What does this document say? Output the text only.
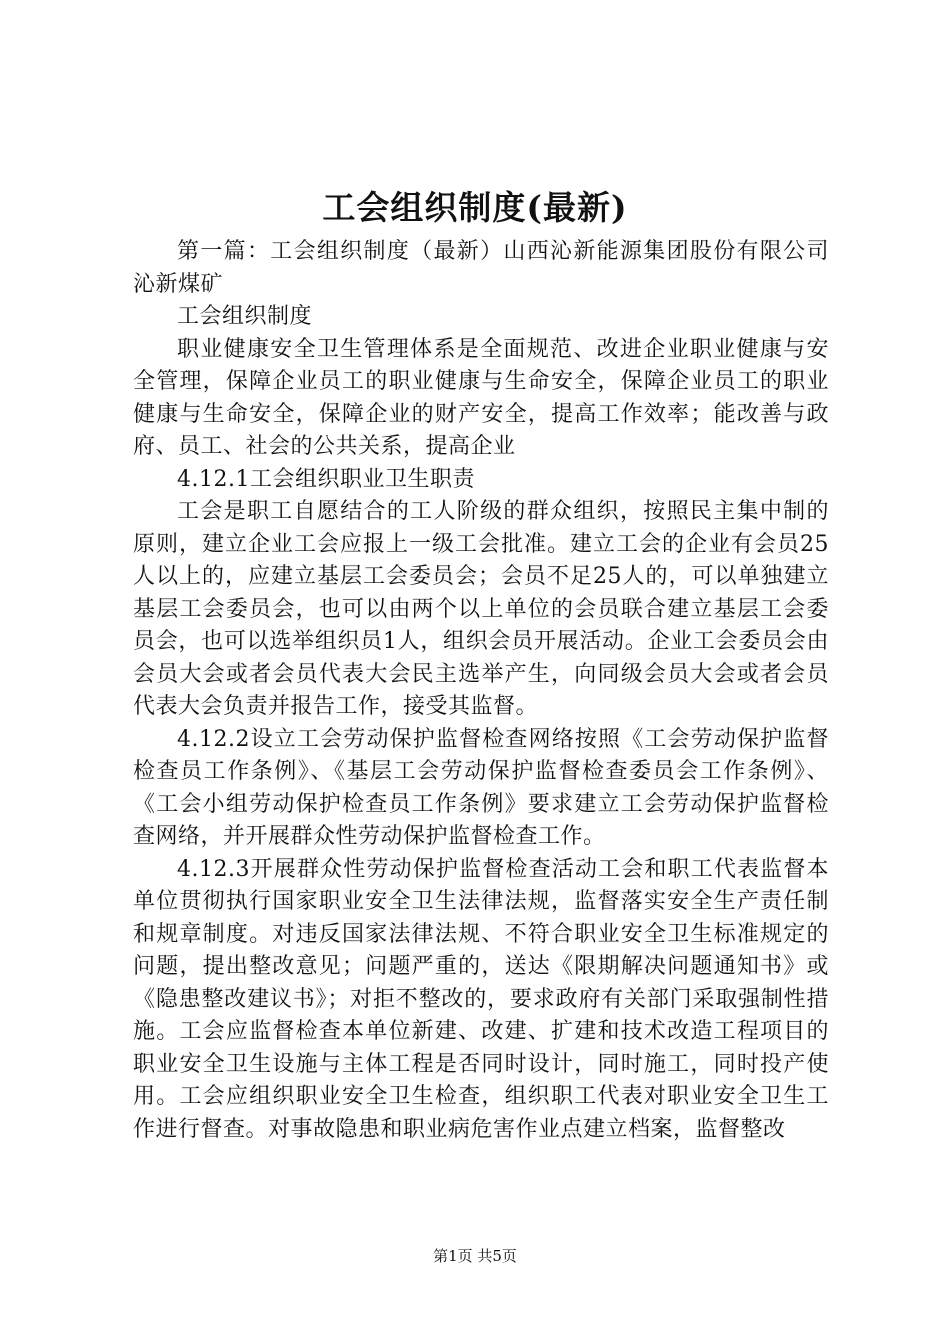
工会组织制度(最新)

第一篇：工会组织制度（最新）山西沁新能源集团股份有限公司沁新煤矿

工会组织制度

职业健康安全卫生管理体系是全面规范、改进企业职业健康与安全管理，保障企业员工的职业健康与生命安全，保障企业员工的职业健康与生命安全，保障企业的财产安全，提高工作效率；能改善与政府、员工、社会的公共关系，提高企业

4.12.1工会组织职业卫生职责

工会是职工自愿结合的工人阶级的群众组织，按照民主集中制的原则，建立企业工会应报上一级工会批准。建立工会的企业有会员25人以上的，应建立基层工会委员会；会员不足25人的，可以单独建立基层工会委员会，也可以由两个以上单位的会员联合建立基层工会委员会，也可以选举组织员1人，组织会员开展活动。企业工会委员会由会员大会或者会员代表大会民主选举产生，向同级会员大会或者会员代表大会负责并报告工作，接受其监督。

4.12.2设立工会劳动保护监督检查网络按照《工会劳动保护监督检查员工作条例》、《基层工会劳动保护监督检查委员会工作条例》、《工会小组劳动保护检查员工作条例》要求建立工会劳动保护监督检查网络，并开展群众性劳动保护监督检查工作。

4.12.3开展群众性劳动保护监督检查活动工会和职工代表监督本单位贯彻执行国家职业安全卫生法律法规，监督落实安全生产责任制和规章制度。对违反国家法律法规、不符合职业安全卫生标准规定的问题，提出整改意见；问题严重的，送达《限期解决问题通知书》或《隐患整改建议书》；对拒不整改的，要求政府有关部门采取强制性措施。工会应监督检查本单位新建、改建、扩建和技术改造工程项目的职业安全卫生设施与主体工程是否同时设计，同时施工，同时投产使用。工会应组织职业安全卫生检查，组织职工代表对职业安全卫生工作进行督查。对事故隐患和职业病危害作业点建立档案，监督整改

第1页 共5页
